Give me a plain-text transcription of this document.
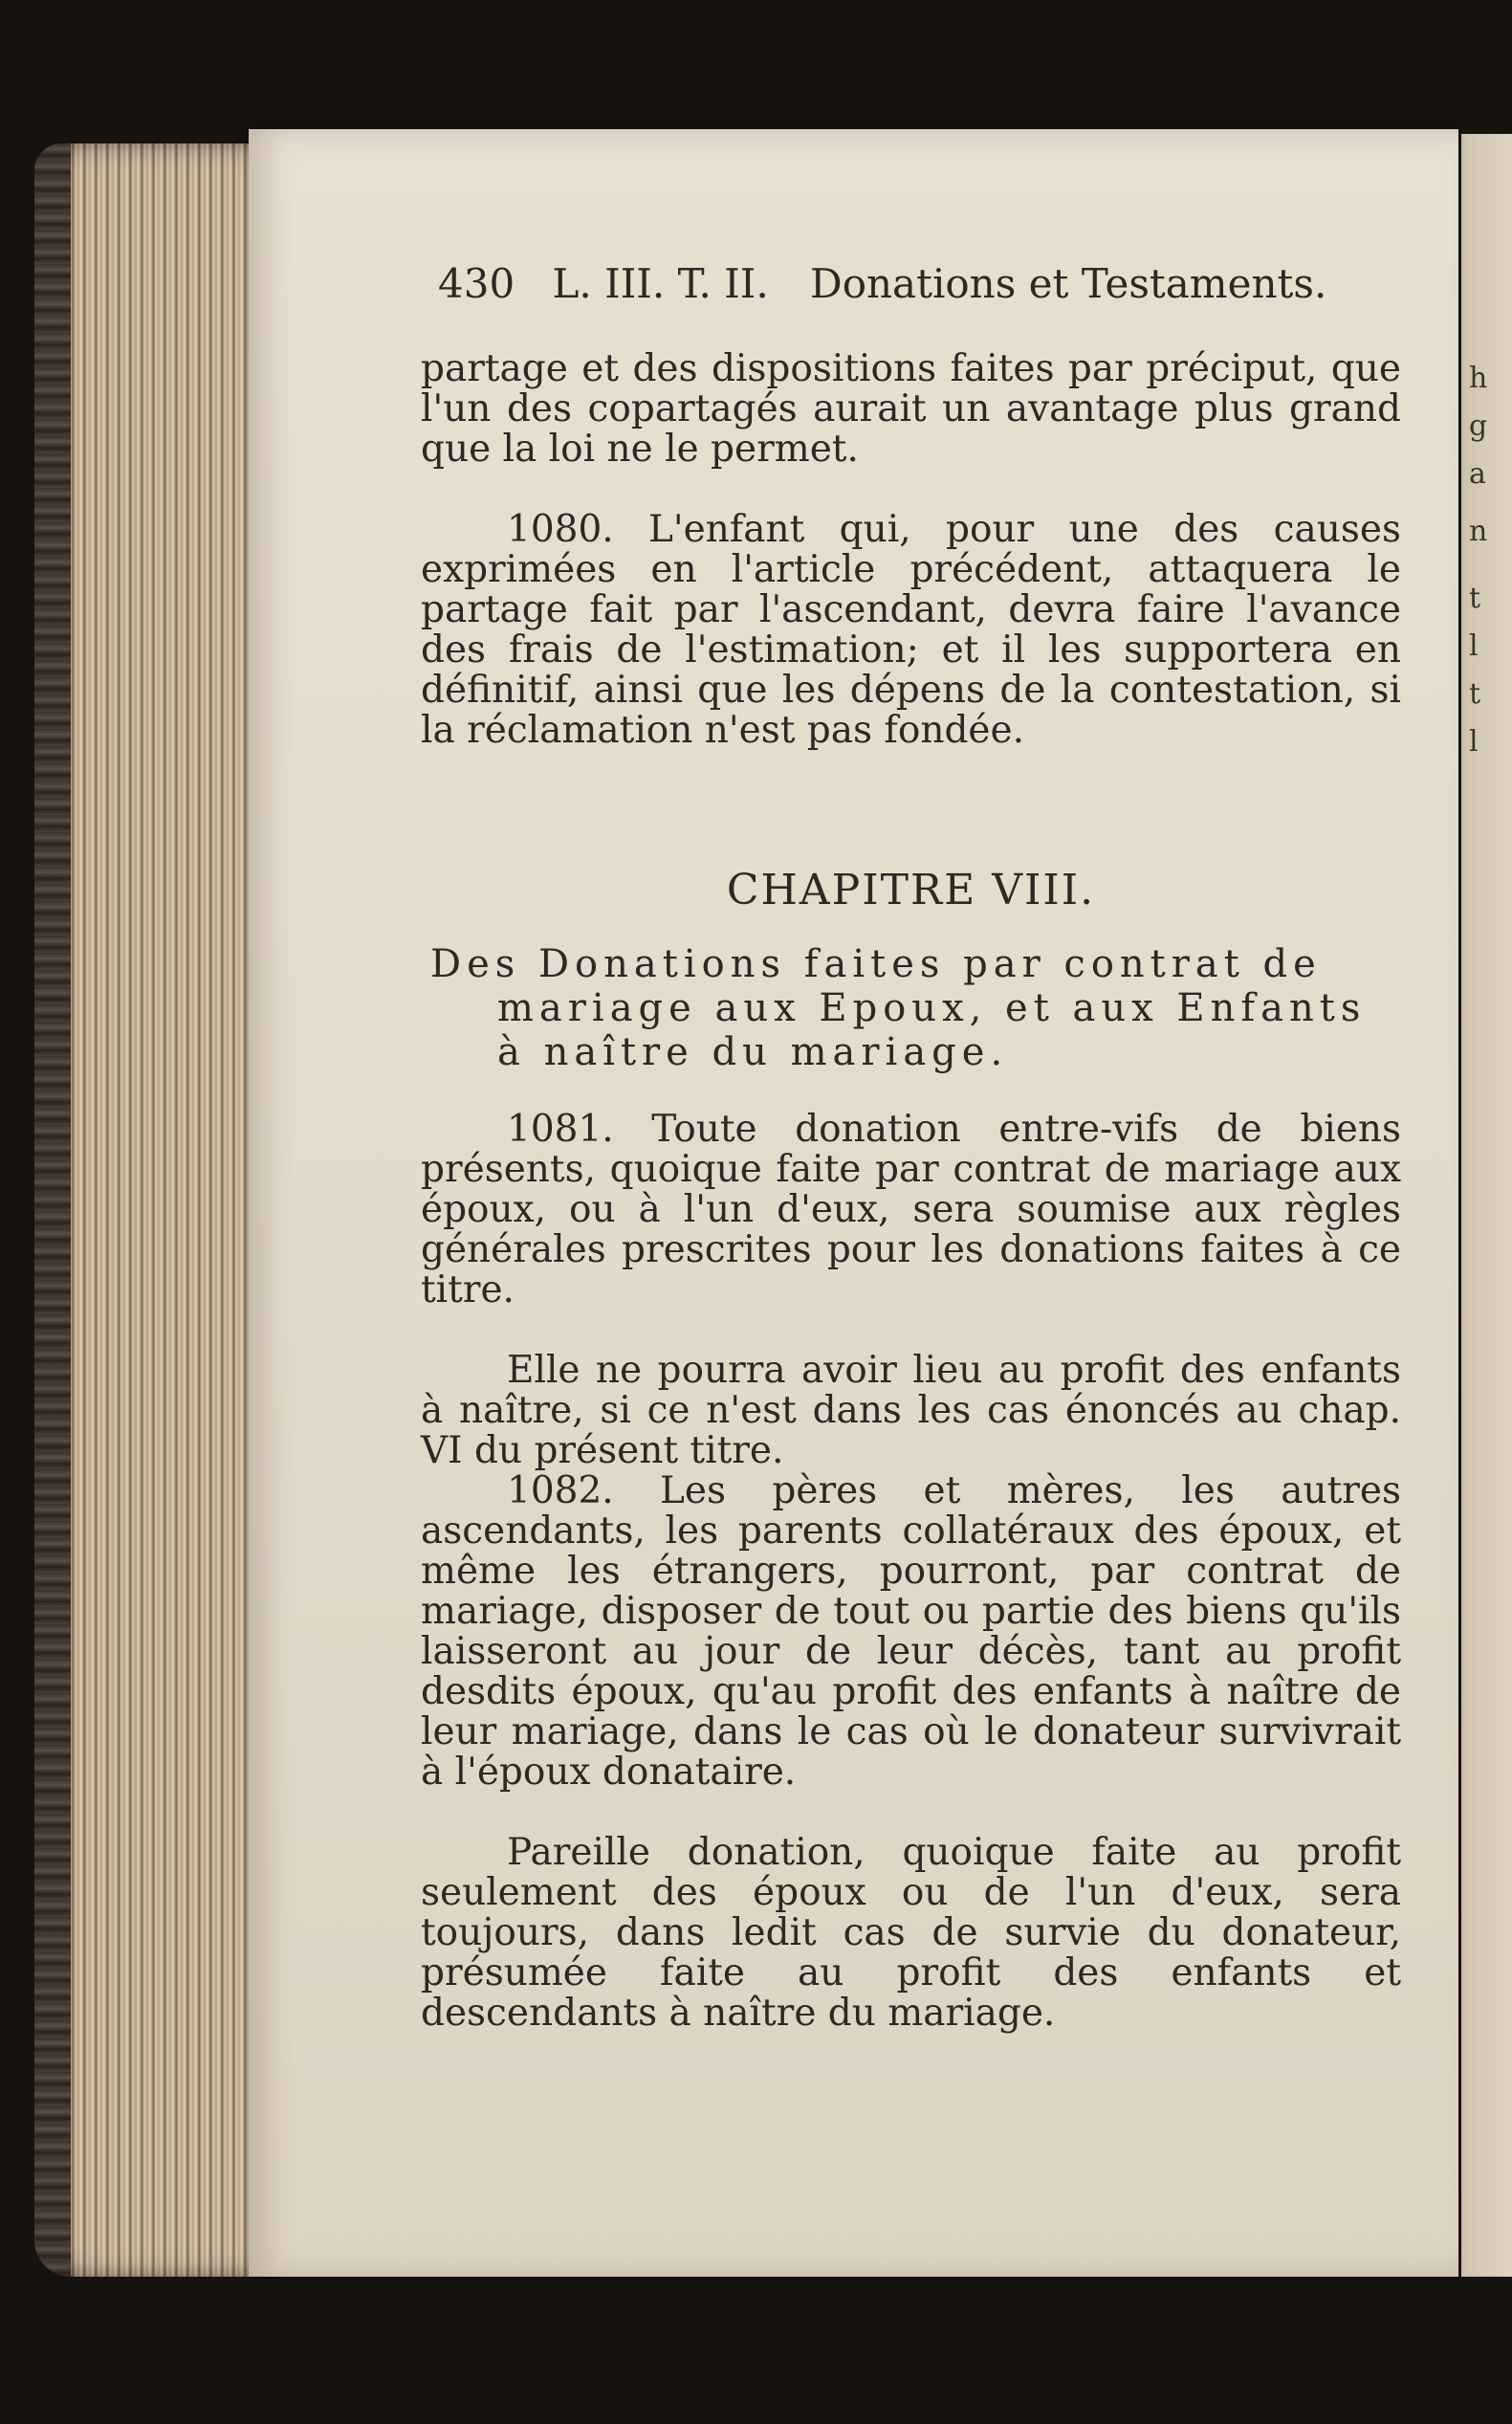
h
g
a
n
t
l
t
l
430 L. III. T. II. Donations et Testaments.

partage et des dispositions faites par préciput, que l'un des copartagés aurait un avantage plus grand que la loi ne le permet.

1080. L'enfant qui, pour une des causes exprimées en l'article précédent, attaquera le partage fait par l'ascendant, devra faire l'avance des frais de l'estimation; et il les supportera en définitif, ainsi que les dépens de la contestation, si la réclamation n'est pas fondée.

CHAPITRE VIII.
Des Donations faites par contrat de
mariage aux Epoux, et aux Enfants à naître du mariage.

1081. Toute donation entre-vifs de biens présents, quoique faite par contrat de mariage aux époux, ou à l'un d'eux, sera soumise aux règles générales prescrites pour les donations faites à ce titre.

Elle ne pourra avoir lieu au profit des enfants à naître, si ce n'est dans les cas énoncés au chap. VI du présent titre.

1082. Les pères et mères, les autres ascendants, les parents collatéraux des époux, et même les étrangers, pourront, par contrat de mariage, disposer de tout ou partie des biens qu'ils laisseront au jour de leur décès, tant au profit desdits époux, qu'au profit des enfants à naître de leur mariage, dans le cas où le donateur survivrait à l'époux donataire.

Pareille donation, quoique faite au profit seulement des époux ou de l'un d'eux, sera toujours, dans ledit cas de survie du donateur, présumée faite au profit des enfants et descendants à naître du mariage.
